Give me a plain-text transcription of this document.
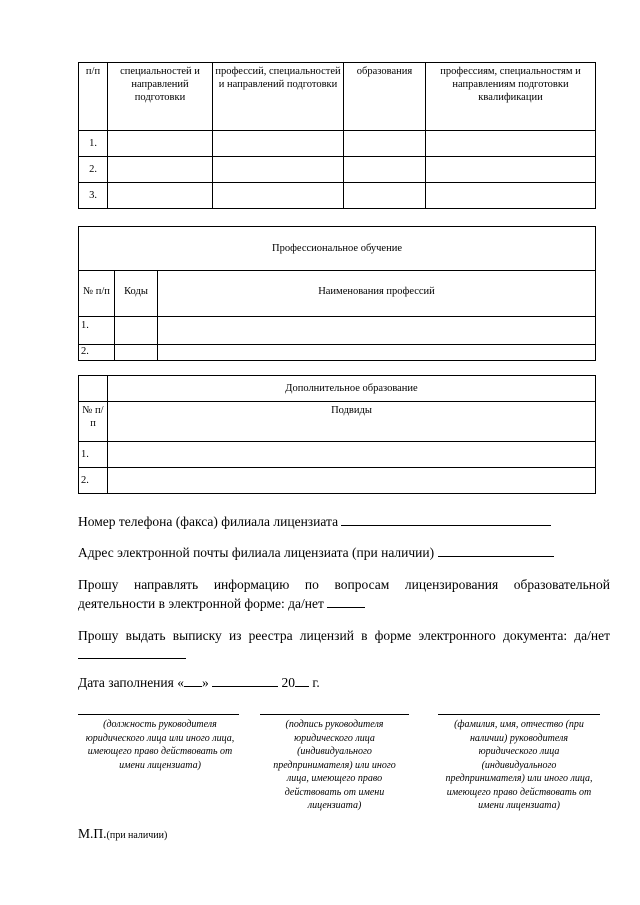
п/п	специальностей и направлений подготовки	профессий, специальностей и направлений подготовки	образования	профессиям, специальностям и направлениям подготовки квалификации
1.				
2.				
3.				
Профессиональное обучение		
№ п/п	Коды	Наименования профессий
1.		
2.		
	Дополнительное образование
№ п/п	Подвиды
1.	
2.	
Номер телефона (факса) филиала лицензиата
Адрес электронной почты филиала лицензиата (при наличии)
Прошу направлять информацию по вопросам лицензирования образовательной деятельности в электронной форме: да/нет
Прошу выдать выписку из реестра лицензий в форме электронного документа: да/нет
Дата заполнения « »	20 г.
(должность руководителя юридического лица или иного лица, имеющего право действовать от имени лицензиата)
(подпись руководителя юридического лица (индивидуального предпринимателя) или иного лица, имеющего право действовать от имени лицензиата)
(фамилия, имя, отчество (при наличии) руководителя юридического лица (индивидуального предпринимателя) или иного лица, имеющего право действовать от имени лицензиата)
М.П.(при наличии)
